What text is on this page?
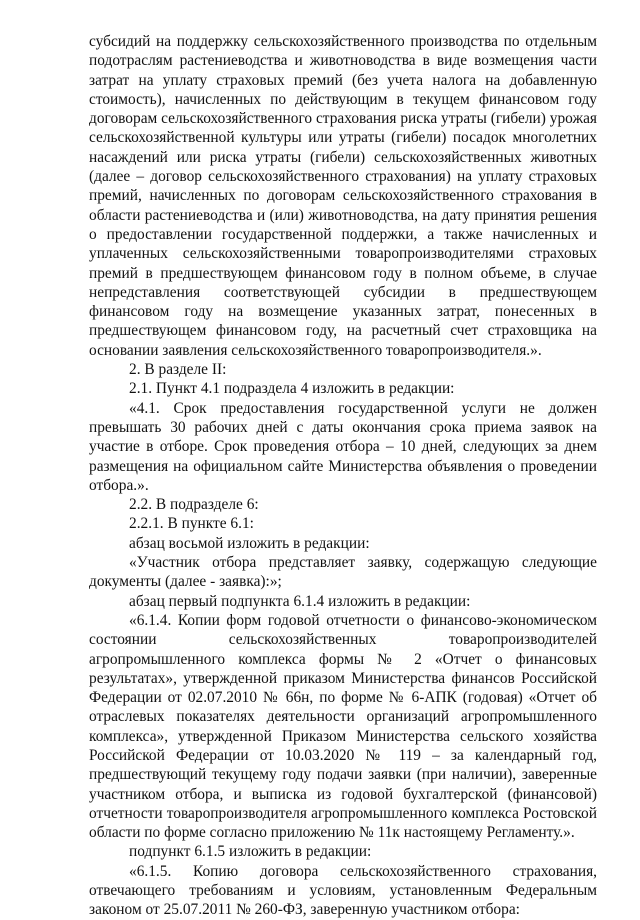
субсидий на поддержку сельскохозяйственного производства по отдельным подотраслям растениеводства и животноводства в виде возмещения части затрат на уплату страховых премий (без учета налога на добавленную стоимость), начисленных по действующим в текущем финансовом году договорам сельскохозяйственного страхования риска утраты (гибели) урожая сельскохозяйственной культуры или утраты (гибели) посадок многолетних насаждений или риска утраты (гибели) сельскохозяйственных животных (далее – договор сельскохозяйственного страхования) на уплату страховых премий, начисленных по договорам сельскохозяйственного страхования в области растениеводства и (или) животноводства, на дату принятия решения о предоставлении государственной поддержки, а также начисленных и уплаченных сельскохозяйственными товаропроизводителями страховых премий в предшествующем финансовом году в полном объеме, в случае непредставления соответствующей субсидии в предшествующем финансовом году на возмещение указанных затрат, понесенных в предшествующем финансовом году, на расчетный счет страховщика на основании заявления сельскохозяйственного товаропроизводителя.».

2. В разделе II:

2.1. Пункт 4.1 подраздела 4 изложить в редакции:

«4.1. Срок предоставления государственной услуги не должен превышать 30 рабочих дней с даты окончания срока приема заявок на участие в отборе. Срок проведения отбора – 10 дней, следующих за днем размещения на официальном сайте Министерства объявления о проведении отбора.».

2.2. В подразделе 6:

2.2.1. В пункте 6.1:

абзац восьмой изложить в редакции:

«Участник отбора представляет заявку, содержащую следующие документы (далее - заявка):»;

абзац первый подпункта 6.1.4 изложить в редакции:

«6.1.4. Копии форм годовой отчетности о финансово-экономическом состоянии сельскохозяйственных товаропроизводителей агропромышленного комплекса формы № 2 «Отчет о финансовых результатах», утвержденной приказом Министерства финансов Российской Федерации от 02.07.2010 № 66н, по форме № 6-АПК (годовая) «Отчет об отраслевых показателях деятельности организаций агропромышленного комплекса», утвержденной Приказом Министерства сельского хозяйства Российской Федерации от 10.03.2020 № 119 – за календарный год, предшествующий текущему году подачи заявки (при наличии), заверенные участником отбора, и выписка из годовой бухгалтерской (финансовой) отчетности товаропроизводителя агропромышленного комплекса Ростовской области по форме согласно приложению № 11к настоящему Регламенту.».

подпункт 6.1.5 изложить в редакции:

«6.1.5. Копию договора сельскохозяйственного страхования, отвечающего требованиям и условиям, установленным Федеральным законом от 25.07.2011 № 260-ФЗ, заверенную участником отбора:
